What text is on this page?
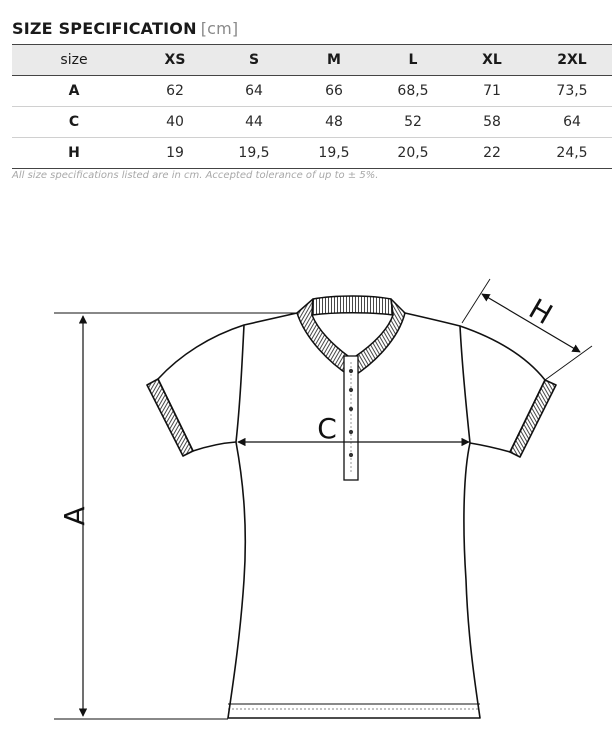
SIZE SPECIFICATION [cm]
size	XS	S	M	L	XL	2XL
A	62	64	66	68,5	71	73,5
C	40	44	48	52	58	64
H	19	19,5	19,5	20,5	22	24,5
All size specifications listed are in cm. Accepted tolerance of up to ± 5%.
A
C
H
